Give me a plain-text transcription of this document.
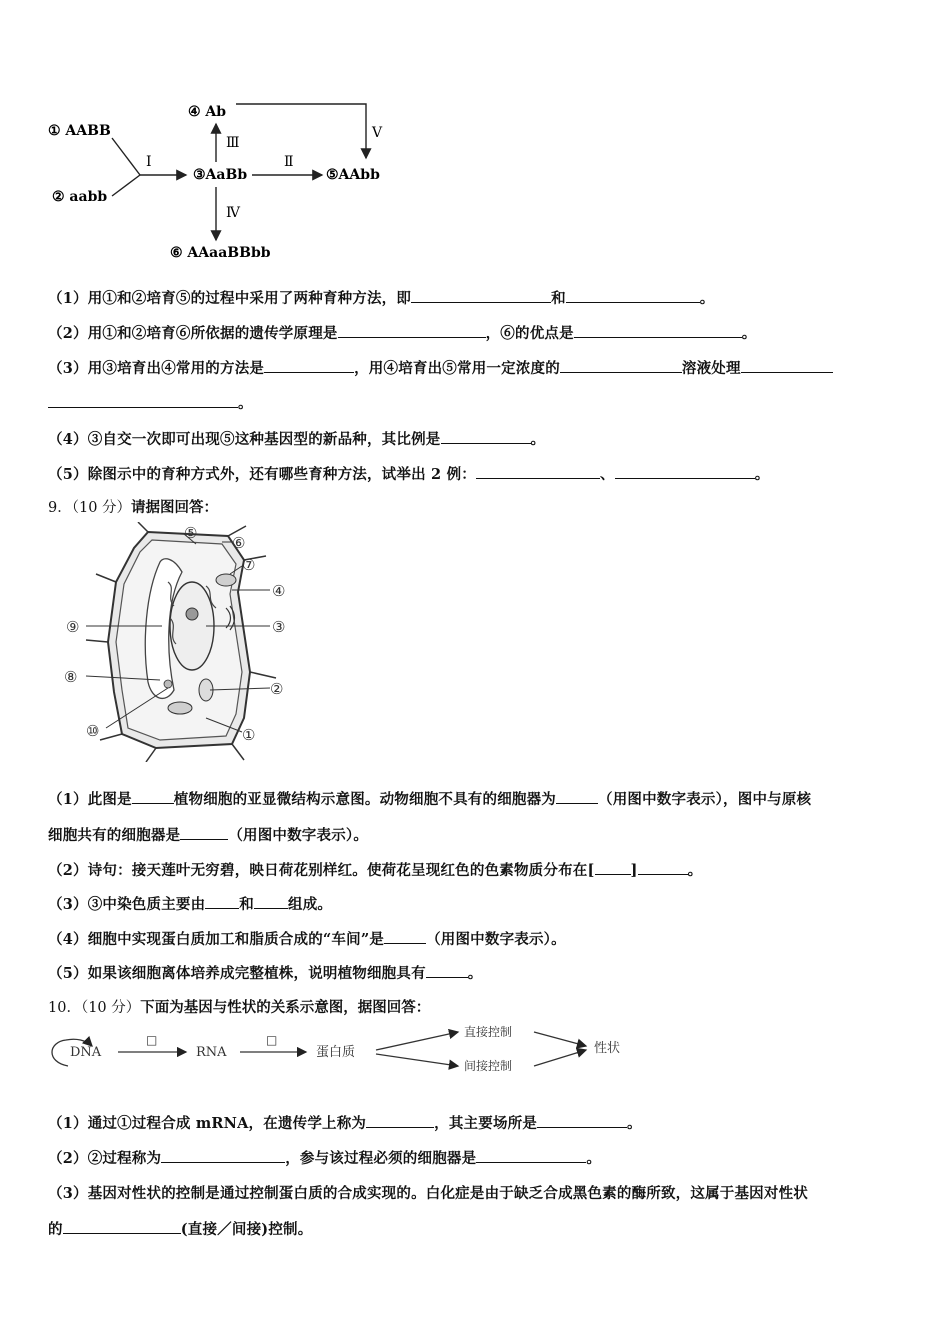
① AABB
② aabb
③AaBb
④ Ab
⑤AAbb
⑥ AAaaBBbb
Ⅰ	Ⅱ
Ⅲ
Ⅳ
Ⅴ
（1）用①和②培育⑤的过程中采用了两种育种方法，即	和	。
（2）用①和②培育⑥所依据的遗传学原理是	，⑥的优点是	。
（3）用③培育出④常用的方法是	，用④培育出⑤常用一定浓度的	溶液处理
。
（4）③自交一次即可出现⑤这种基因型的新品种，其比例是	。
（5）除图示中的育种方式外，还有哪些育种方法，试举出 2 例：	、	。
9．（10 分）请据图回答：
⑤
⑥
⑦
④
③
②
①
⑨
⑧
⑩
（1）此图是	植物细胞的亚显微结构示意图。动物细胞不具有的细胞器为	（用图中数字表示），图中与原核
细胞共有的细胞器是	（用图中数字表示）。
（2）诗句：接天莲叶无穷碧，映日荷花别样红。使荷花呈现红色的色素物质分布在[ ]	。
（3）③中染色质主要由 和 组成。
（4）细胞中实现蛋白质加工和脂质合成的“车间”是	（用图中数字表示）。
（5）如果该细胞离体培养成完整植株，说明植物细胞具有	。
10．（10 分）下面为基因与性状的关系示意图，据图回答：
DNA
□
RNA
□
蛋白质
直接控制
间接控制
性状
（1）通过①过程合成 mRNA，在遗传学上称为	，其主要场所是	。
（2）②过程称为	，参与该过程必须的细胞器是	。
（3）基因对性状的控制是通过控制蛋白质的合成实现的。白化症是由于缺乏合成黑色素的酶所致，这属于基因对性状
的	(直接／间接)控制。
